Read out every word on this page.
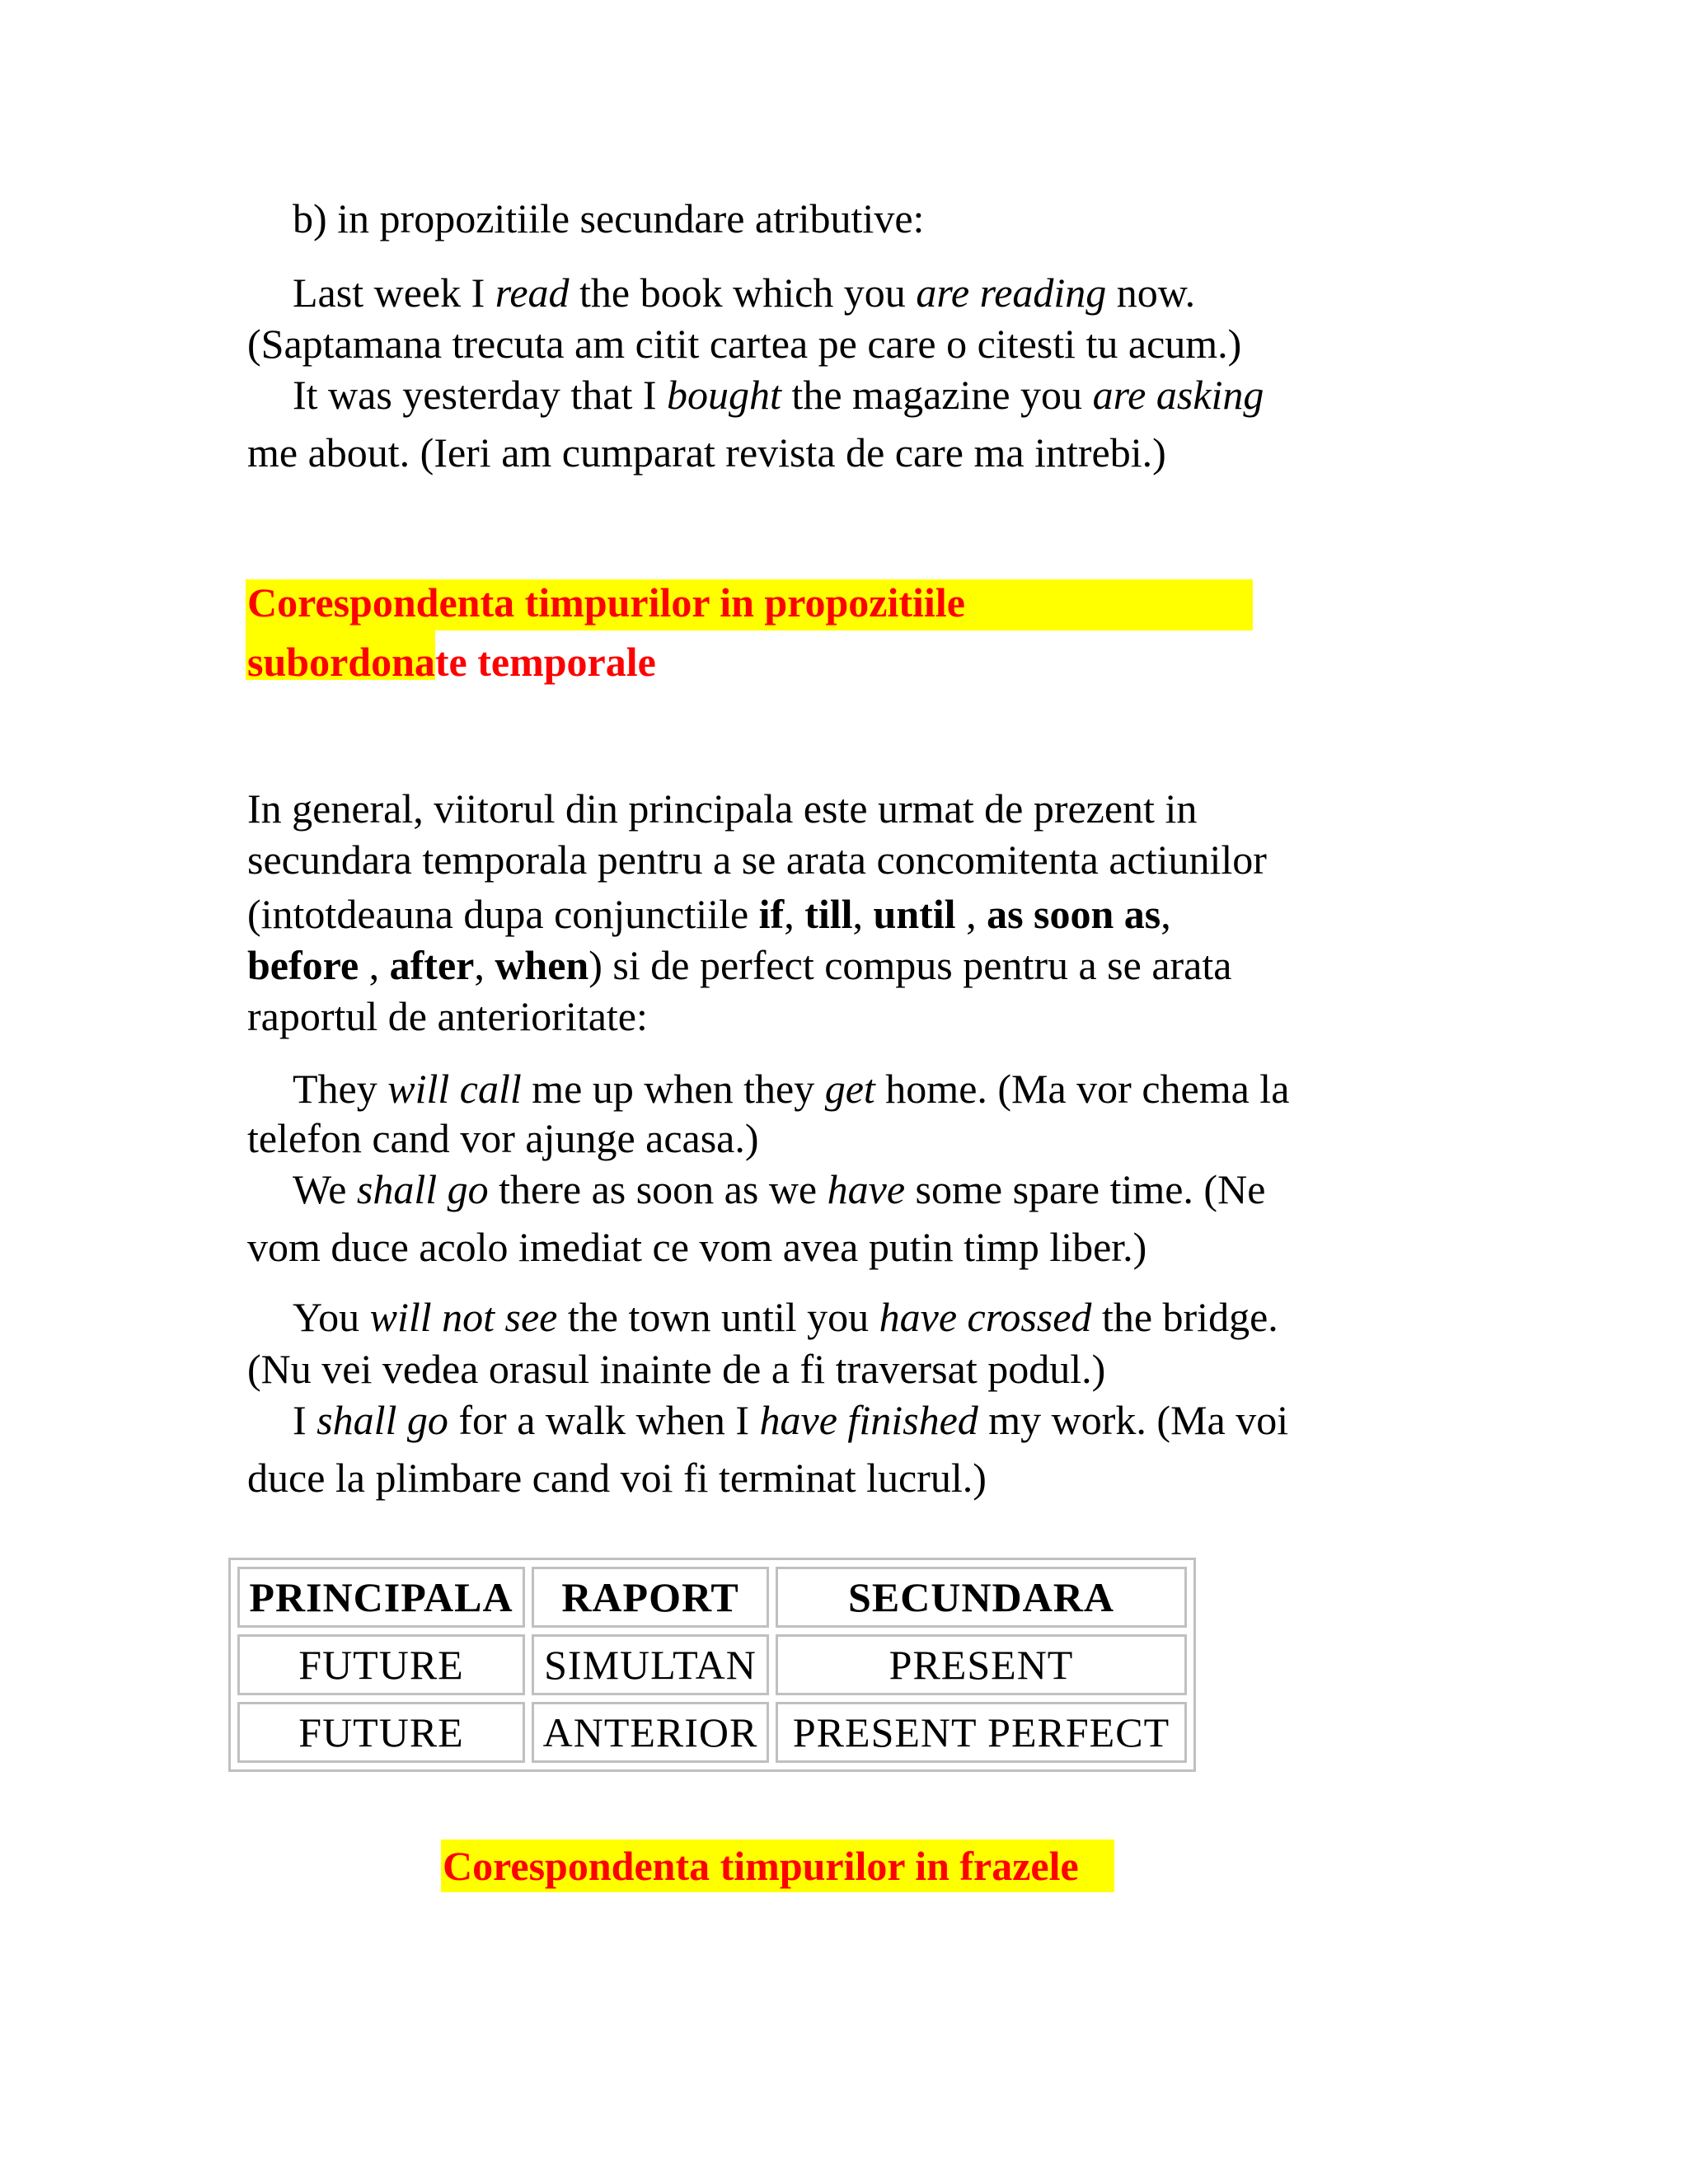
b) in propozitiile secundare atributive:
Last week I read the book which you are reading now.
(Saptamana trecuta am citit cartea pe care o citesti tu acum.)
It was yesterday that I bought the magazine you are asking
me about. (Ieri am cumparat revista de care ma intrebi.)
Corespondenta timpurilor in propozitiile
subordonate temporale
In general, viitorul din principala este urmat de prezent in
secundara temporala pentru a se arata concomitenta actiunilor
(intotdeauna dupa conjunctiile if, till, until , as soon as,
before , after, when) si de perfect compus pentru a se arata
raportul de anterioritate:
They will call me up when they get home. (Ma vor chema la
telefon cand vor ajunge acasa.)
We shall go there as soon as we have some spare time. (Ne
vom duce acolo imediat ce vom avea putin timp liber.)
You will not see the town until you have crossed the bridge.
(Nu vei vedea orasul inainte de a fi traversat podul.)
I shall go for a walk when I have finished my work. (Ma voi
duce la plimbare cand voi fi terminat lucrul.)
PRINCIPALA	RAPORT	SECUNDARA
FUTURE	SIMULTAN	PRESENT
FUTURE	ANTERIOR	PRESENT PERFECT
Corespondenta timpurilor in frazele
